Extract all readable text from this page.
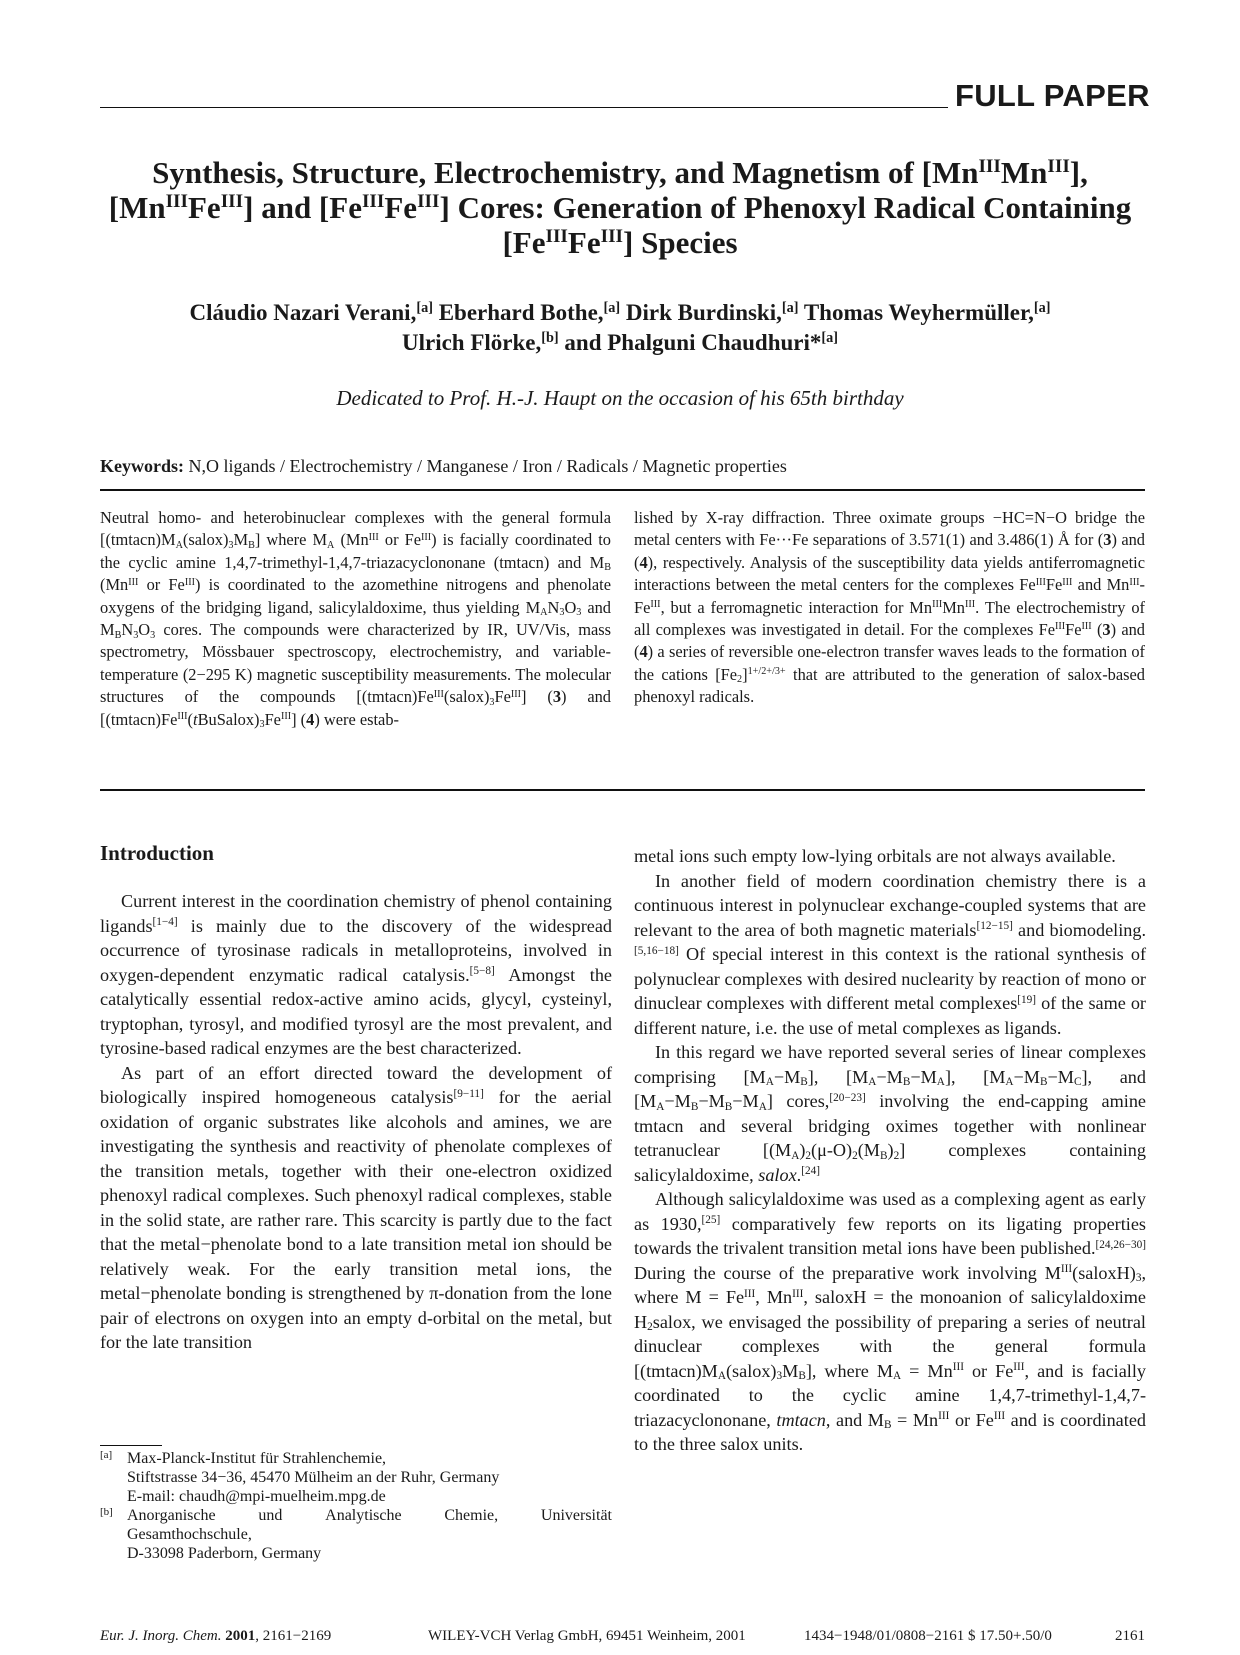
FULL PAPER
Synthesis, Structure, Electrochemistry, and Magnetism of $[Mn^{III}Mn^{III}]$,
$[Mn^{III}Fe^{III}]$ and $[Fe^{III}Fe^{III}]$ Cores: Generation of Phenoxyl Radical Containing
$[Fe^{III}Fe^{III}]$ Species
Cláudio Nazari Verani,[a] Eberhard Bothe,[a] Dirk Burdinski,[a] Thomas Weyhermüller,[a]
Ulrich Flörke,[b] and Phalguni Chaudhuri*[a]
Dedicated to Prof. H.-J. Haupt on the occasion of his 65th birthday
Keywords: N,O ligands / Electrochemistry / Manganese / Iron / Radicals / Magnetic properties
Neutral homo- and heterobinuclear complexes with the general formula $[(tmtacn)M_A(salox)_3M_B]$ where $M_A$ ($Mn^{III}$ or $Fe^{III}$) is facially coordinated to the cyclic amine 1,4,7-trimethyl-1,4,7-triazacyclononane (tmtacn) and $M_B$ ($Mn^{III}$ or $Fe^{III}$) is coordinated to the azomethine nitrogens and phenolate oxygens of the bridging ligand, salicylaldoxime, thus yielding $M_AN_3O_3$ and $M_BN_3O_3$ cores. The compounds were characterized by IR, UV/Vis, mass spectrometry, Mössbauer spectroscopy, electrochemistry, and variable-temperature (2−295 K) magnetic susceptibility measurements. The molecular structures of the compounds $[(tmtacn)Fe^{III}(salox)_3Fe^{III}]$ (3) and $[(tmtacn)Fe^{III}(tBuSalox)_3Fe^{III}]$ (4) were estab-
lished by X-ray diffraction. Three oximate groups −HC=N−O bridge the metal centers with Fe···Fe separations of 3.571(1) and 3.486(1) Å for (3) and (4), respectively. Analysis of the susceptibility data yields antiferromagnetic interactions between the metal centers for the complexes $Fe^{III}Fe^{III}$ and $Mn^{III}-Fe^{III}$, but a ferromagnetic interaction for $Mn^{III}Mn^{III}$. The electrochemistry of all complexes was investigated in detail. For the complexes $Fe^{III}Fe^{III}$ (3) and (4) a series of reversible one-electron transfer waves leads to the formation of the cations $[Fe_2]^{1+/2+/3+}$ that are attributed to the generation of salox-based phenoxyl radicals.
Introduction

Current interest in the coordination chemistry of phenol containing ligands[1−4] is mainly due to the discovery of the widespread occurrence of tyrosinase radicals in metalloproteins, involved in oxygen-dependent enzymatic radical catalysis.[5−8] Amongst the catalytically essential redox-active amino acids, glycyl, cysteinyl, tryptophan, tyrosyl, and modified tyrosyl are the most prevalent, and tyrosine-based radical enzymes are the best characterized.

As part of an effort directed toward the development of biologically inspired homogeneous catalysis[9−11] for the aerial oxidation of organic substrates like alcohols and amines, we are investigating the synthesis and reactivity of phenolate complexes of the transition metals, together with their one-electron oxidized phenoxyl radical complexes. Such phenoxyl radical complexes, stable in the solid state, are rather rare. This scarcity is partly due to the fact that the metal−phenolate bond to a late transition metal ion should be relatively weak. For the early transition metal ions, the metal−phenolate bonding is strengthened by π-donation from the lone pair of electrons on oxygen into an empty d-orbital on the metal, but for the late transition

metal ions such empty low-lying orbitals are not always available.

In another field of modern coordination chemistry there is a continuous interest in polynuclear exchange-coupled systems that are relevant to the area of both magnetic materials[12−15] and biomodeling.[5,16−18] Of special interest in this context is the rational synthesis of polynuclear complexes with desired nuclearity by reaction of mono or dinuclear complexes with different metal complexes[19] of the same or different nature, i.e. the use of metal complexes as ligands.

In this regard we have reported several series of linear complexes comprising $[M_A-M_B]$, $[M_A-M_B-M_A]$, $[M_A-M_B-M_C]$, and $[M_A-M_B-M_B-M_A]$ cores,[20−23] involving the end-capping amine tmtacn and several bridging oximes together with nonlinear tetranuclear $[(M_A)_2(\mu-O)_2(M_B)_2]$ complexes containing salicylaldoxime, salox.[24]

Although salicylaldoxime was used as a complexing agent as early as 1930,[25] comparatively few reports on its ligating properties towards the trivalent transition metal ions have been published.[24,26−30] During the course of the preparative work involving $M^{III}(saloxH)_3$, where $M = Fe^{III}$, $Mn^{III}$, saloxH = the monoanion of salicylaldoxime $H_2salox$, we envisaged the possibility of preparing a series of neutral dinuclear complexes with the general formula $[(tmtacn)M_A(salox)_3M_B]$, where $M_A = Mn^{III}$ or $Fe^{III}$, and is facially coordinated to the cyclic amine 1,4,7-trimethyl-1,4,7-triazacyclononane, tmtacn, and $M_B = Mn^{III}$ or $Fe^{III}$ and is coordinated to the three salox units.

[a] Max-Planck-Institut für Strahlenchemie,
Stiftstrasse 34−36, 45470 Mülheim an der Ruhr, Germany
E-mail: chaudh@mpi-muelheim.mpg.de
[b] Anorganische	und	Analytische	Chemie,	Universität
Gesamthochschule,
D-33098 Paderborn, Germany
Eur. J. Inorg. Chem. 2001, 2161−2169	WILEY-VCH Verlag GmbH, 69451 Weinheim, 2001	1434−1948/01/0808−2161 $ 17.50+.50/0	2161
